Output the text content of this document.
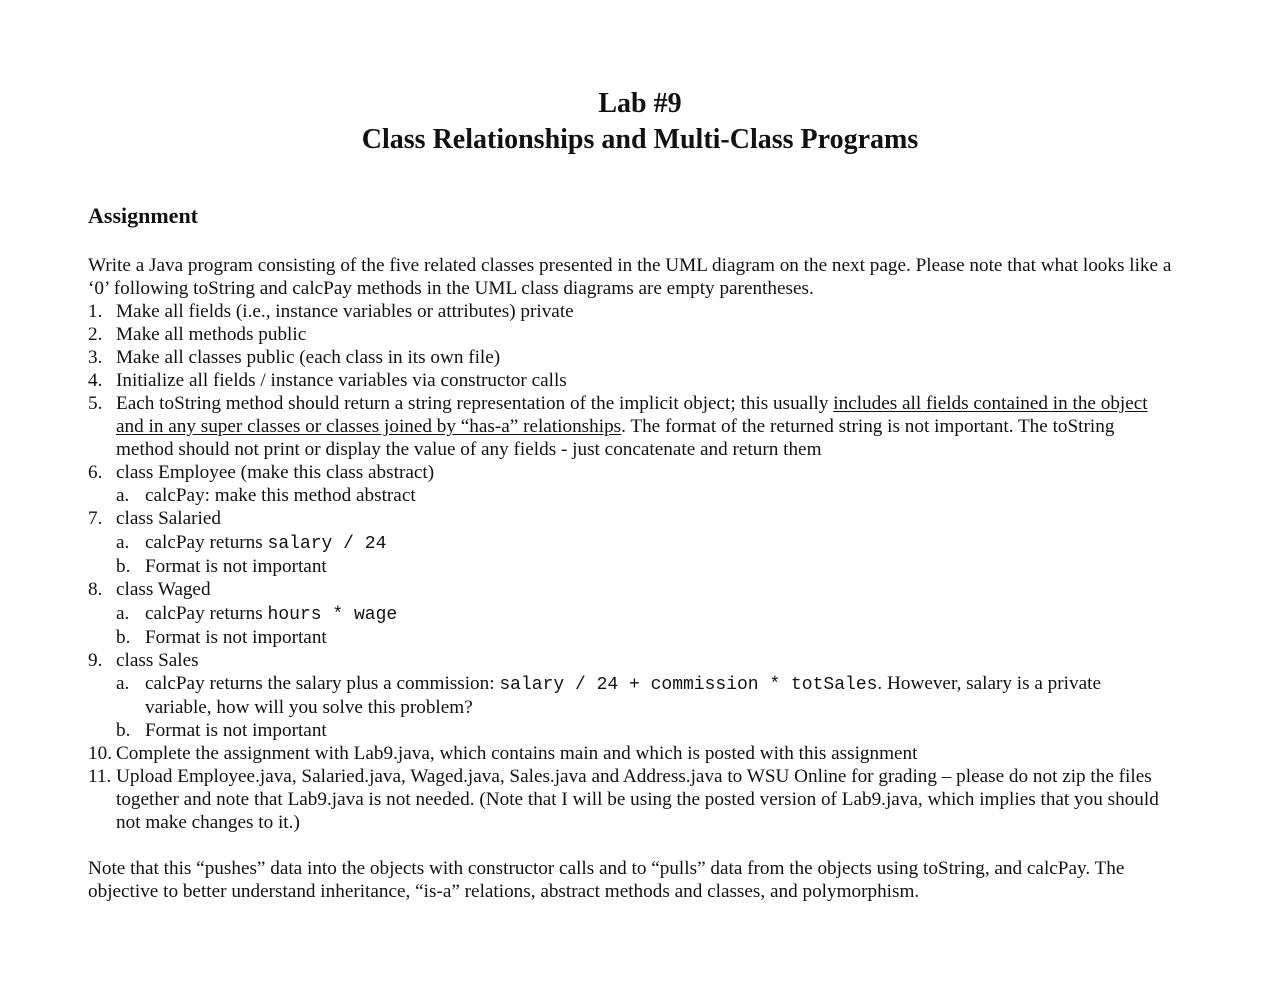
Lab #9
Class Relationships and Multi-Class Programs
Assignment
Write a Java program consisting of the five related classes presented in the UML diagram on the next page. Please note that what looks like a
‘0’ following toString and calcPay methods in the UML class diagrams are empty parentheses.
1. Make all fields (i.e., instance variables or attributes) private
2. Make all methods public
3. Make all classes public (each class in its own file)
4. Initialize all fields / instance variables via constructor calls
5. Each toString method should return a string representation of the implicit object; this usually includes all fields contained in the object
and in any super classes or classes joined by “has-a” relationships. The format of the returned string is not important. The toString
method should not print or display the value of any fields - just concatenate and return them
6. class Employee (make this class abstract)
a. calcPay: make this method abstract
7. class Salaried
a. calcPay returns salary / 24
b. Format is not important
8. class Waged
a. calcPay returns hours * wage
b. Format is not important
9. class Sales
a. calcPay returns the salary plus a commission: salary / 24 + commission * totSales. However, salary is a private
variable, how will you solve this problem?
b. Format is not important
10. Complete the assignment with Lab9.java, which contains main and which is posted with this assignment
11. Upload Employee.java, Salaried.java, Waged.java, Sales.java and Address.java to WSU Online for grading – please do not zip the files
together and note that Lab9.java is not needed. (Note that I will be using the posted version of Lab9.java, which implies that you should
not make changes to it.)
Note that this “pushes” data into the objects with constructor calls and to “pulls” data from the objects using toString, and calcPay. The
objective to better understand inheritance, “is-a” relations, abstract methods and classes, and polymorphism.
